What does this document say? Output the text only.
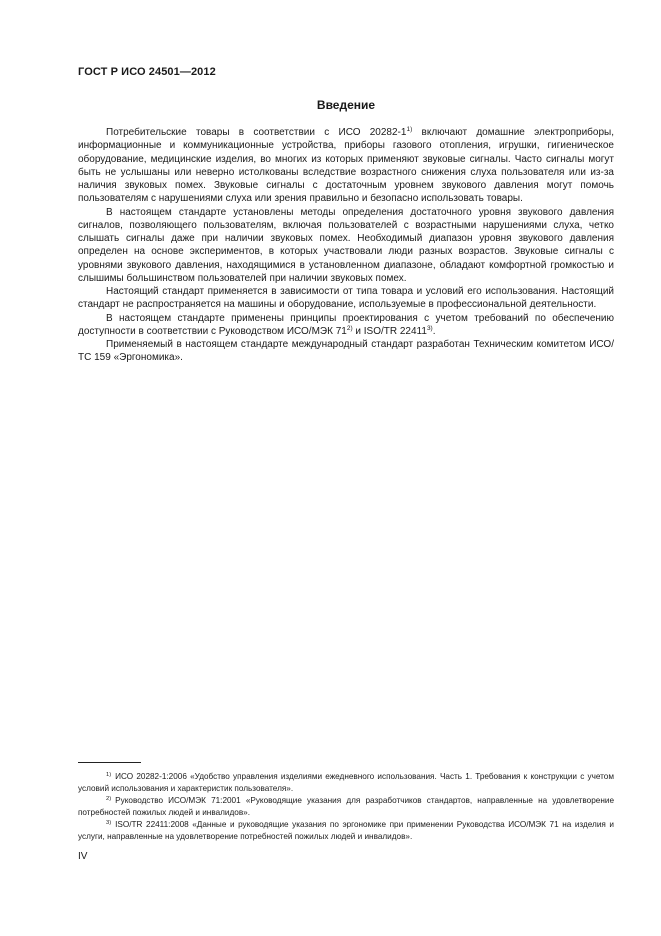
ГОСТ Р ИСО 24501—2012
Введение

Потребительские товары в соответствии с ИСО 20282-1$^{1)}$ включают домашние электроприборы, информационные и коммуникационные устройства, приборы газового отопления, игрушки, гигиеническое оборудование, медицинские изделия, во многих из которых применяют звуковые сигналы. Часто сигналы могут быть не услышаны или неверно истолкованы вследствие возрастного снижения слуха пользователя или из-за наличия звуковых помех. Звуковые сигналы с достаточным уровнем звукового давления могут помочь пользователям с нарушениями слуха или зрения правильно и безопасно использовать товары.

В настоящем стандарте установлены методы определения достаточного уровня звукового давления сигналов, позволяющего пользователям, включая пользователей с возрастными нарушениями слуха, четко слышать сигналы даже при наличии звуковых помех. Необходимый диапазон уровня звукового давления определен на основе экспериментов, в которых участвовали люди разных возрастов. Звуковые сигналы с уровнями звукового давления, находящимися в установленном диапазоне, обладают комфортной громкостью и слышимы большинством пользователей при наличии звуковых помех.

Настоящий стандарт применяется в зависимости от типа товара и условий его использования. Настоящий стандарт не распространяется на машины и оборудование, используемые в профессиональной деятельности.

В настоящем стандарте применены принципы проектирования с учетом требований по обеспечению доступности в соответствии с Руководством ИСО/МЭК 71$^{2)}$ и ISO/TR 22411$^{3)}$.

Применяемый в настоящем стандарте международный стандарт разработан Техническим комитетом ИСО/ТС 159 «Эргономика».

$^{1)}$ ИСО 20282-1:2006 «Удобство управления изделиями ежедневного использования. Часть 1. Требования к конструкции с учетом условий использования и характеристик пользователя».

$^{2)}$ Руководство ИСО/МЭК 71:2001 «Руководящие указания для разработчиков стандартов, направленные на удовлетворение потребностей пожилых людей и инвалидов».

$^{3)}$ ISO/TR 22411:2008 «Данные и руководящие указания по эргономике при применении Руководства ИСО/МЭК 71 на изделия и услуги, направленные на удовлетворение потребностей пожилых людей и инвалидов».

IV
